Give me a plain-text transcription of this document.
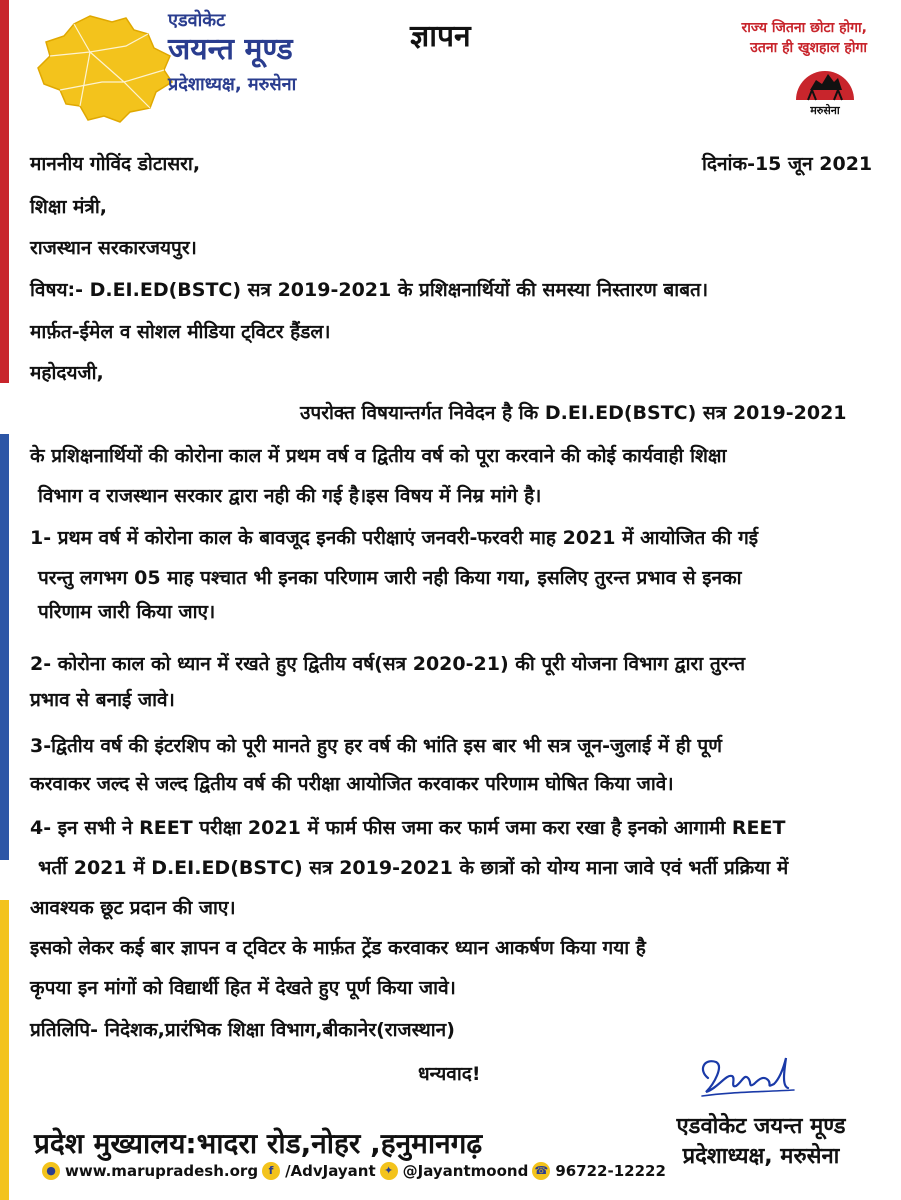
एडवोकेट
जयन्त मूण्ड
प्रदेशाध्यक्ष, मरुसेना
ज्ञापन	राज्य जितना छोटा होगा,
उतना ही खुशहाल होगा
मरुसेना
माननीय गोविंद डोटासरा,	दिनांक-15 जून 2021
शिक्षा मंत्री,
राजस्थान सरकारजयपुर।
विषय:- D.EI.ED(BSTC) सत्र 2019-2021 के प्रशिक्षनार्थियों की समस्या निस्तारण बाबत।
मार्फ़त-ईमेल व सोशल मीडिया ट्विटर हैंडल।
महोदयजी,
उपरोक्त विषयान्तर्गत निवेदन है कि D.EI.ED(BSTC) सत्र 2019-2021
के प्रशिक्षनार्थियों की कोरोना काल में प्रथम वर्ष व द्वितीय वर्ष को पूरा करवाने की कोई कार्यवाही शिक्षा
विभाग व राजस्थान सरकार द्वारा नही की गई है।इस विषय में निम्र मांगे है।
1- प्रथम वर्ष में कोरोना काल के बावजूद इनकी परीक्षाएं जनवरी-फरवरी माह 2021 में आयोजित की गई
परन्तु लगभग 05 माह पश्चात भी इनका परिणाम जारी नही किया गया, इसलिए तुरन्त प्रभाव से इनका
परिणाम जारी किया जाए।
2- कोरोना काल को ध्यान में रखते हुए द्वितीय वर्ष(सत्र 2020-21) की पूरी योजना विभाग द्वारा तुरन्त
प्रभाव से बनाई जावे।
3-द्वितीय वर्ष की इंटरशिप को पूरी मानते हुए हर वर्ष की भांति इस बार भी सत्र जून-जुलाई में ही पूर्ण
करवाकर जल्द से जल्द द्वितीय वर्ष की परीक्षा आयोजित करवाकर परिणाम घोषित किया जावे।
4- इन सभी ने REET परीक्षा 2021 में फार्म फीस जमा कर फार्म जमा करा रखा है इनको आगामी REET
भर्ती 2021 में D.EI.ED(BSTC) सत्र 2019-2021 के छात्रों को योग्य माना जावे एवं भर्ती प्रक्रिया में
आवश्यक छूट प्रदान की जाए।
इसको लेकर कई बार ज्ञापन व ट्विटर के मार्फ़त ट्रेंड करवाकर ध्यान आकर्षण किया गया है
कृपया इन मांगों को विद्यार्थी हित में देखते हुए पूर्ण किया जावे।
प्रतिलिपि- निदेशक,प्रारंभिक शिक्षा विभाग,बीकानेर(राजस्थान)
धन्यवाद!
प्रदेश मुख्यालय:भादरा रोड,नोहर ,हनुमानगढ़
● www.marupradesh.org f /AdvJayant ✦ @Jayantmoond ☎ 96722-12222
एडवोकेट जयन्त मूण्ड
प्रदेशाध्यक्ष, मरुसेना
